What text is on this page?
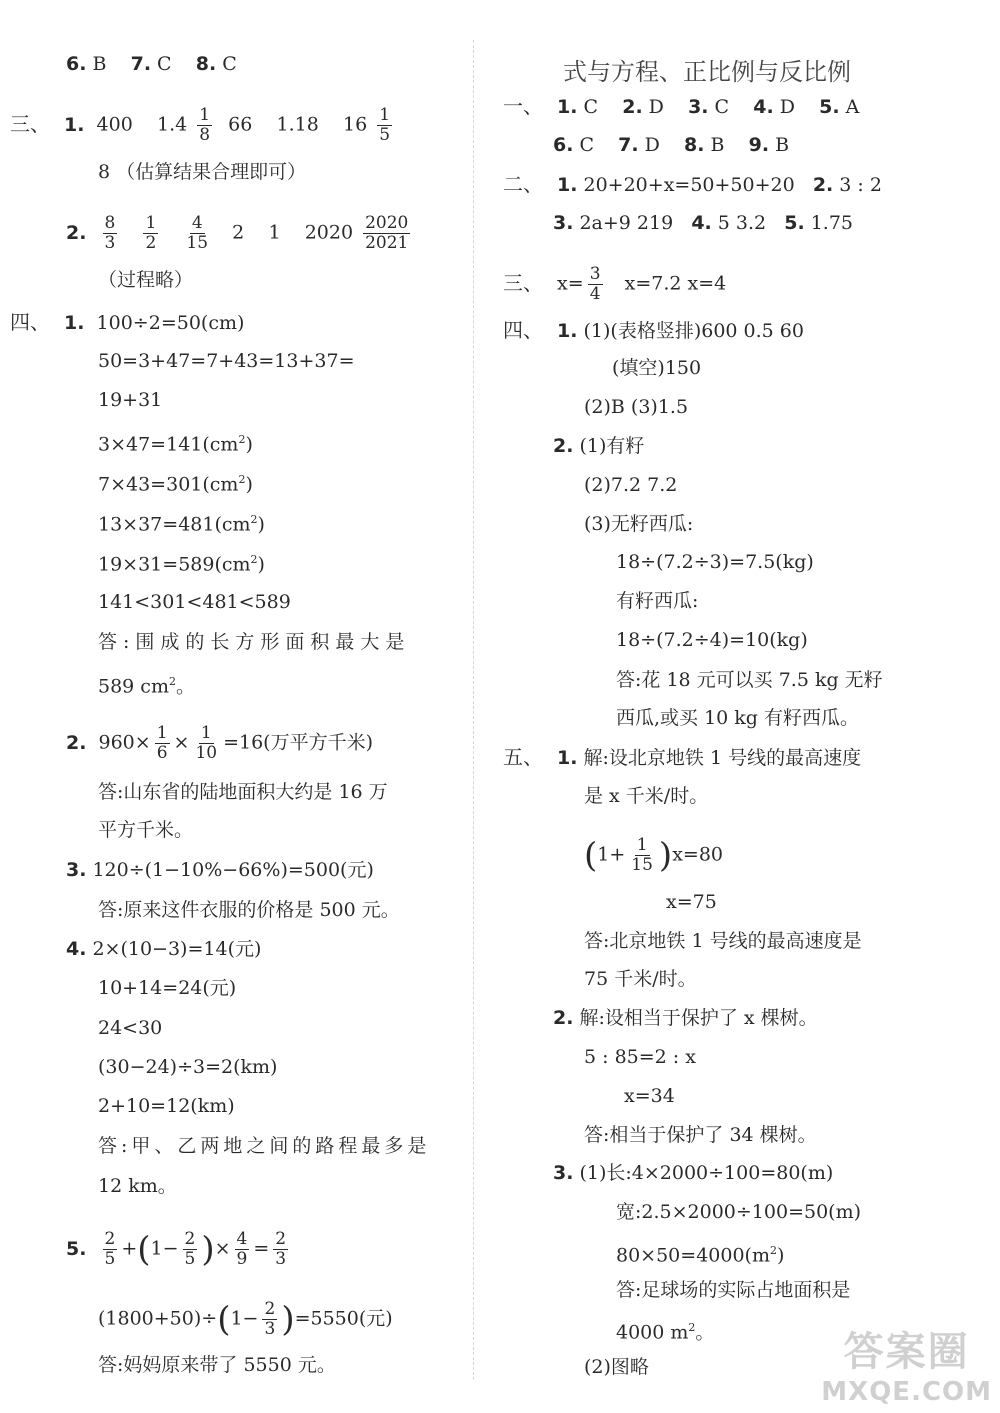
6. B 7. C 8. C
三、 1. 400 $1.4 \frac{1}{8} 66$ 1.18 $16 \frac{1}{5}$
8 （估算结果合理即可）
2. $\frac{8}{3}$
$\frac{1}{2}$
$\frac{4}{15} 2$ 1 $2020 \frac{2020}{2021}$
（过程略）
四、 1. 100÷2=50(cm)
50=3+47=7+43=13+37=
19+31
$3\times 47=141(cm^2)$
$7\times 43=301(cm^2)$
$13\times 37=481(cm^2)$
$19\times 31=589(cm^2)$
141<301<481<589
答:围成的长方形面积最大是
589 $cm^2$。
2. $960\times \frac{1}{6} \times \frac{1}{10} =16$(万平方千米)
答:山东省的陆地面积大约是 16 万
平方千米。
3. 120÷(1−10%−66%)=500(元)
答:原来这件衣服的价格是 500 元。
4. 2×(10−3)=14(元)
10+14=24(元)
24<30
(30−24)÷3=2(km)
2+10=12(km)
答:甲、乙两地之间的路程最多是
12 km。
5. $\frac{2}{5} +(1- \frac{2}{5}$ )× $\frac{4}{9} = \frac{2}{3}$
$(1800+50)\div(1- \frac{2}{3} )=5550$(元)
答:妈妈原来带了 5550 元。
式与方程、正比例与反比例
一、 1. C 2. D 3. C 4. D 5. A
6. C 7. D 8. B 9. B
二、 1. 20+20+x=50+50+20 2. 3 : 2
3. 2a+9 219 4. 5 3.2 5. 1.75
三、 $x= \frac{3}{4} x=7.2$ x=4
四、 1. (1)(表格竖排)600 0.5 60
(填空)150
(2)B (3)1.5
2. (1)有籽
(2)7.2 7.2
(3)无籽西瓜:
18÷(7.2÷3)=7.5(kg)
有籽西瓜:
18÷(7.2÷4)=10(kg)
答:花 18 元可以买 7.5 kg 无籽
西瓜,或买 10 kg 有籽西瓜。
五、 1. 解:设北京地铁 1 号线的最高速度
是 x 千米/时。
$(1+ \frac{1}{15} )x=80$
x=75
答:北京地铁 1 号线的最高速度是
75 千米/时。
2. 解:设相当于保护了 x 棵树。
5 : 85=2 : x
x=34
答:相当于保护了 34 棵树。
3. (1)长:4×2000÷100=80(m)
宽:2.5×2000÷100=50(m)
$80\times 50=4000(m^2)$
答:足球场的实际占地面积是
4000 $m^2$。
(2)图略	答案圈
MXQE.COM
